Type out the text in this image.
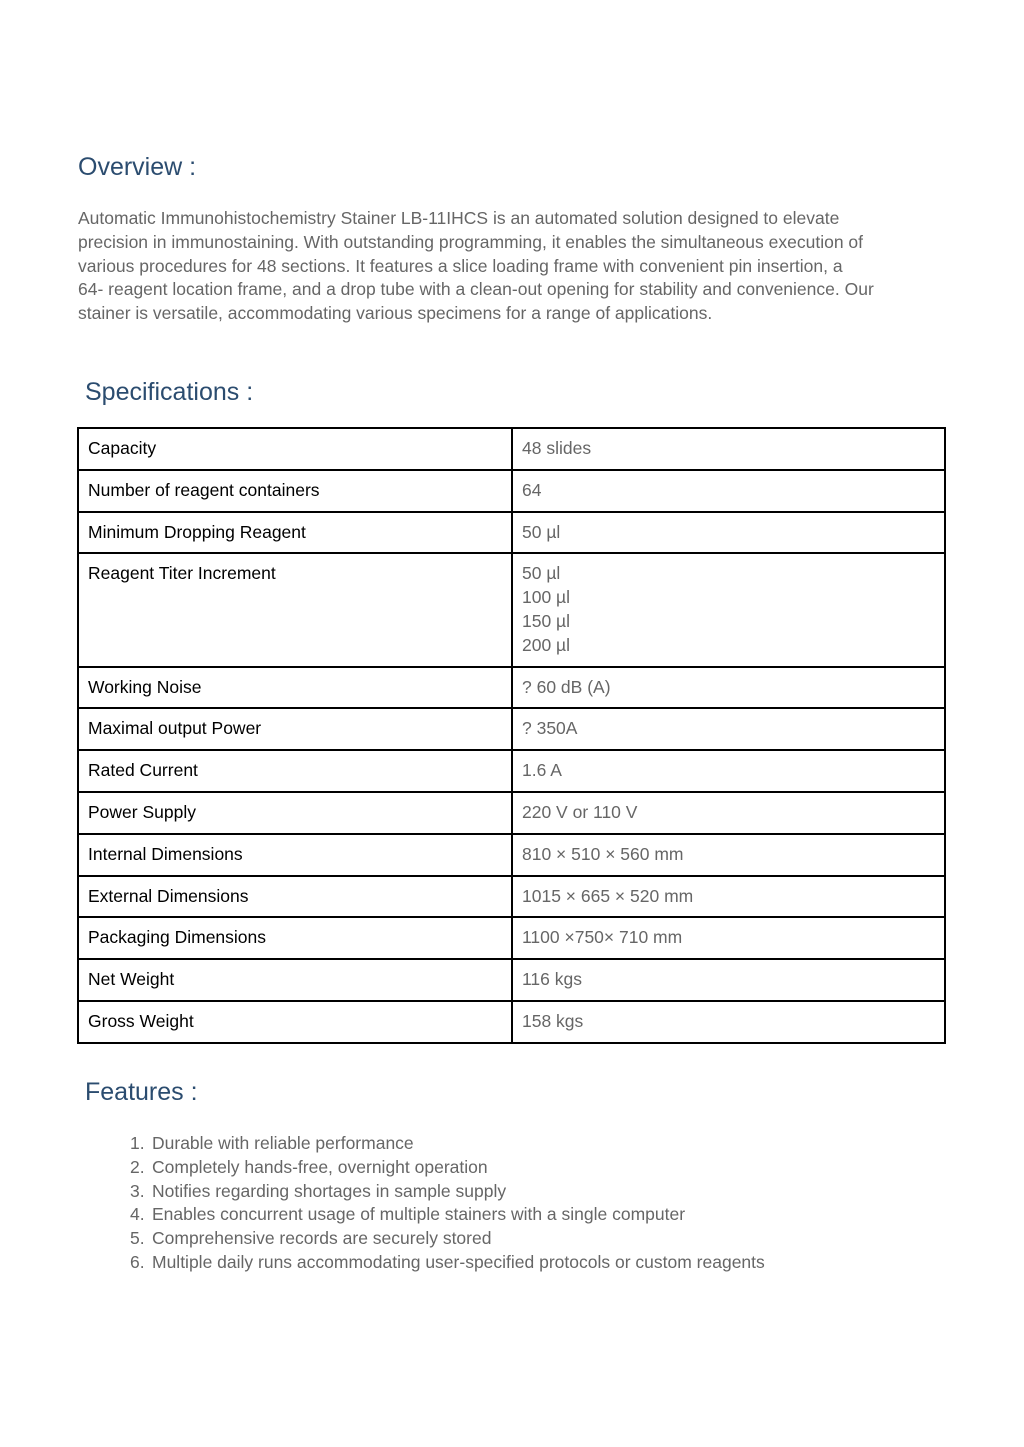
Overview :

Automatic Immunohistochemistry Stainer LB-11IHCS is an automated solution designed to elevate
precision in immunostaining. With outstanding programming, it enables the simultaneous execution of
various procedures for 48 sections. It features a slice loading frame with convenient pin insertion, a
64- reagent location frame, and a drop tube with a clean-out opening for stability and convenience. Our
stainer is versatile, accommodating various specimens for a range of applications.

Specifications :
Capacity	48 slides

Number of reagent containers	64

Minimum Dropping Reagent	50 µl

Reagent Titer Increment	50 µl
100 µl
150 µl
200 µl

Working Noise	? 60 dB (A)

Maximal output Power	? 350A

Rated Current	1.6 A

Power Supply	220 V or 110 V

Internal Dimensions	810 × 510 × 560 mm

External Dimensions	1015 × 665 × 520 mm

Packaging Dimensions	1100 ×750× 710 mm

Net Weight	116 kgs

Gross Weight	158 kgs
Features :
1. Durable with reliable performance
2. Completely hands-free, overnight operation
3. Notifies regarding shortages in sample supply
4. Enables concurrent usage of multiple stainers with a single computer
5. Comprehensive records are securely stored
6. Multiple daily runs accommodating user-specified protocols or custom reagents
